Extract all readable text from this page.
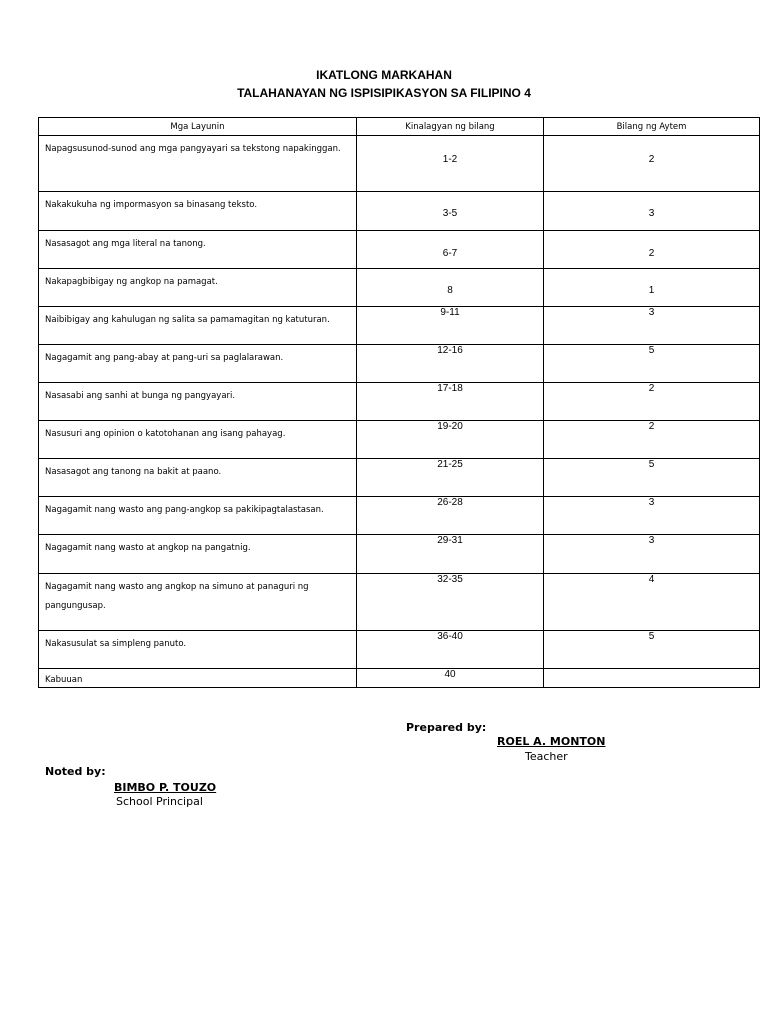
IKATLONG MARKAHAN
TALAHANAYAN NG ISPISIPIKASYON SA FILIPINO 4
Mga Layunin	Kinalagyan ng bilang	Bilang ng Aytem
Napagsusunod-sunod ang mga pangyayari sa tekstong napakinggan.	1-2	2

Nakakukuha ng impormasyon sa binasang teksto.	3-5	3

Nasasagot ang mga literal na tanong.	6-7	2

Nakapagbibigay ng angkop na pamagat.	8	1

Naibibigay ang kahulugan ng salita sa pamamagitan ng katuturan.	9-11	3

Nagagamit ang pang-abay at pang-uri sa paglalarawan.	12-16	5

Nasasabi ang sanhi at bunga ng pangyayari.	17-18	2

Nasusuri ang opinion o katotohanan ang isang pahayag.	19-20	2

Nasasagot ang tanong na bakit at paano.	21-25	5

Nagagamit nang wasto ang pang-angkop sa pakikipagtalastasan.	26-28	3

Nagagamit nang wasto at angkop na pangatnig.	29-31	3

Nagagamit nang wasto ang angkop na simuno at panaguri ng pangungusap.	32-35	4

Nakasusulat sa simpleng panuto.	36-40	5

Kabuuan	40	

Prepared by:
ROEL A. MONTON
Teacher
Noted by:
BIMBO P. TOUZO
School Principal
